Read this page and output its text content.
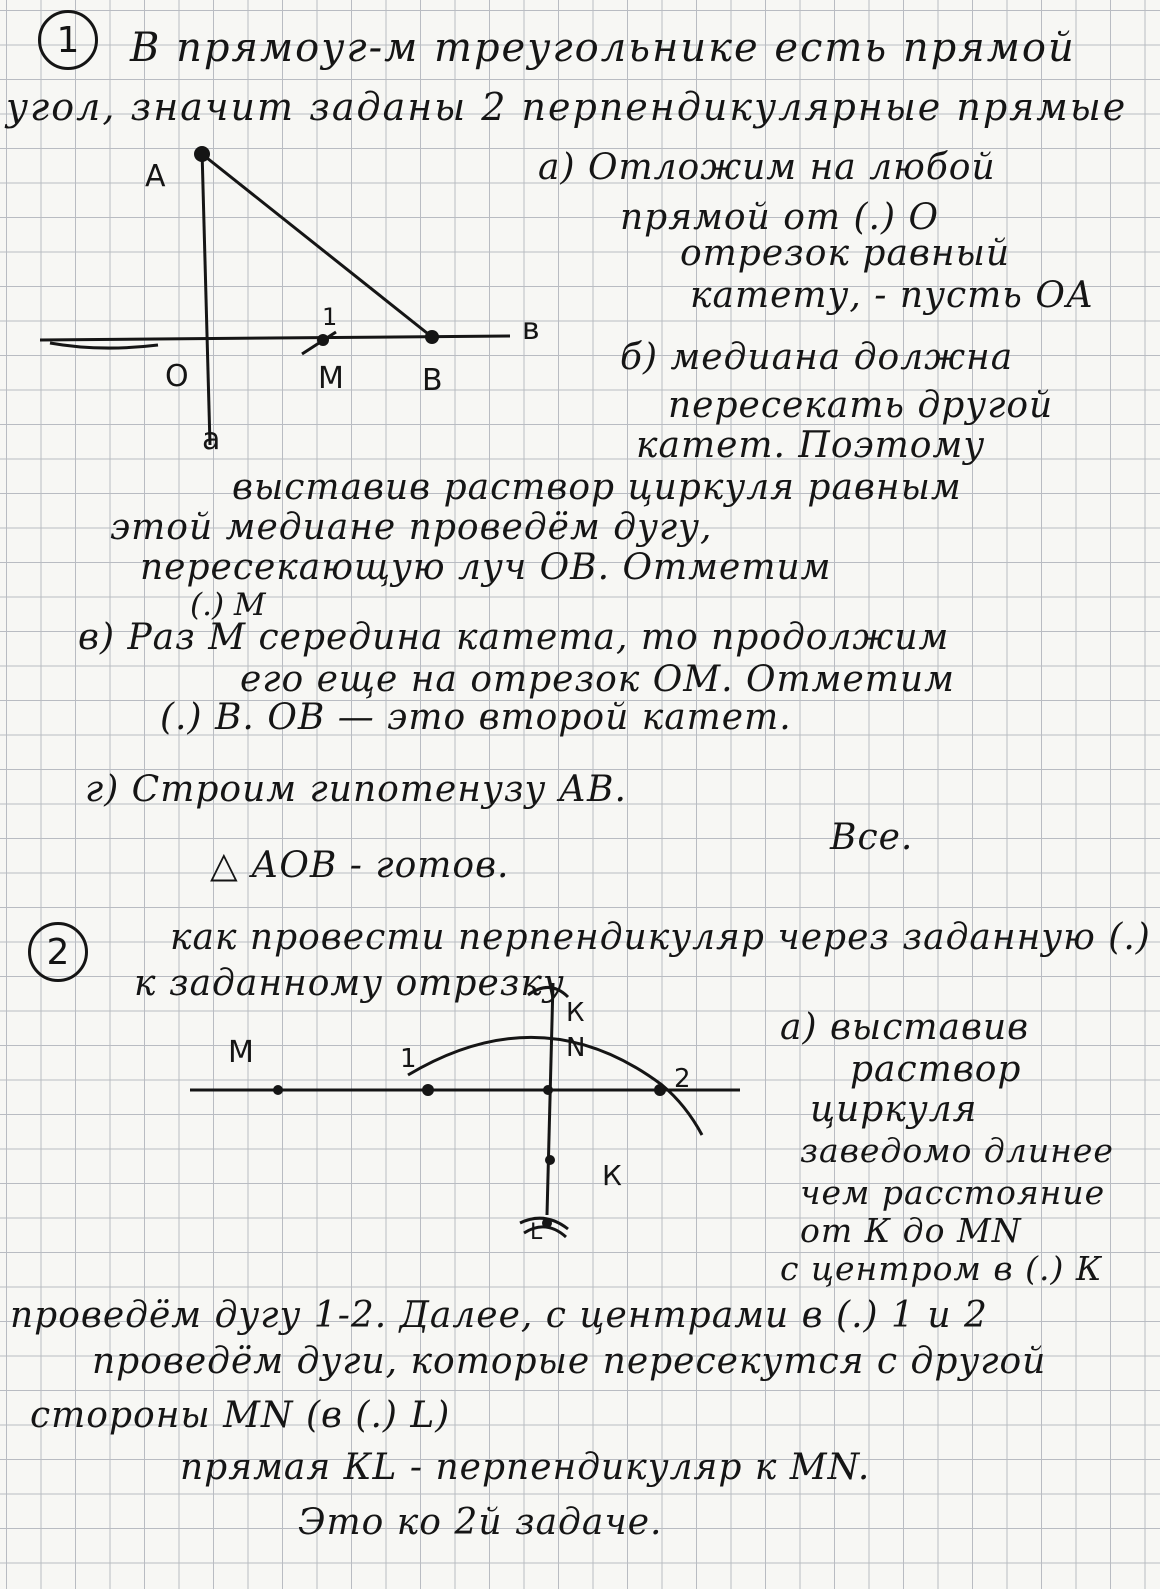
1 В прямоуг-м треугольнике есть прямой
угол, значит заданы 2 перпендикулярные прямые
А
О	М	В
в
а
1
а) Отложим на любой
прямой от (.) О
отрезок равный
катету, - пусть ОА
б) медиана должна
пересекать другой
катет. Поэтому
выставив раствор циркуля равным
этой медиане проведём дугу,
пересекающую луч ОВ. Отметим
(.) М
в) Раз М середина катета, то продолжим
его еще на отрезок ОМ. Отметим
(.) В. ОВ — это второй катет.
г) Строим гипотенузу АВ.
Все.
△ АОВ - готов.
2	как провести перпендикуляр через заданную (.)
к заданному отрезку
М	1
2
N
К
К
L
а) выставив
раствор
циркуля
заведомо длинее
чем расстояние
от К до МN
с центром в (.) К
проведём дугу 1-2. Далее, с центрами в (.) 1 и 2
проведём дуги, которые пересекутся с другой
стороны МN (в (.) L)
прямая КL - перпендикуляр к МN.
Это ко 2й задаче.
